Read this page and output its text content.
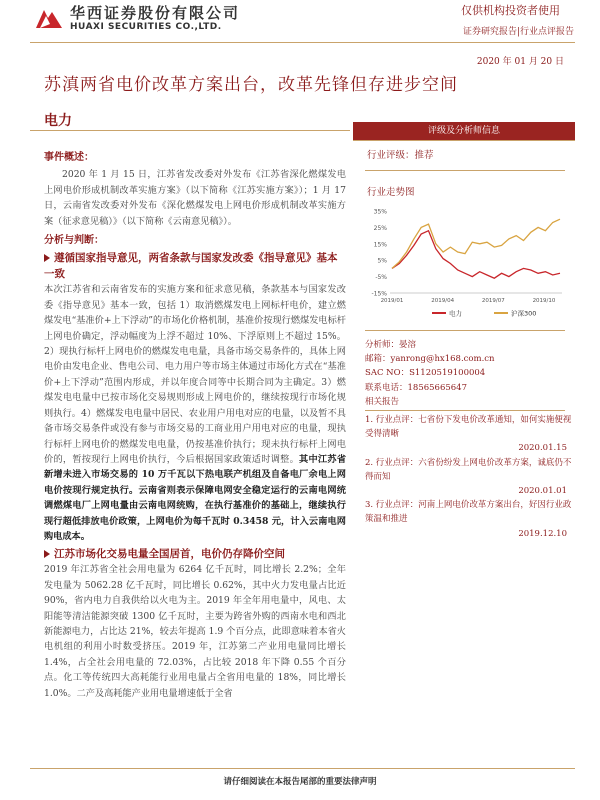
华西证券股份有限公司
HUAXI SECURITIES CO.,LTD.
仅供机构投资者使用
证券研究报告|行业点评报告
2020 年 01 月 20 日
苏滇两省电价改革方案出台，改革先锋但存进步空间
电力
事件概述：

2020 年 1 月 15 日，江苏省发改委对外发布《江苏省深化燃煤发电上网电价形成机制改革实施方案》（以下简称《江苏实施方案》）；1 月 17 日，云南省发改委对外发布《深化燃煤发电上网电价形成机制改革实施方案（征求意见稿）》（以下简称《云南意见稿》）。

分析与判断：
遵循国家指导意见，两省条款与国家发改委《指导意见》基本一致

本次江苏省和云南省发布的实施方案和征求意见稿，条款基本与国家发改委《指导意见》基本一致，包括 1）取消燃煤发电上网标杆电价，建立燃煤发电“基准价+上下浮动”的市场化价格机制，基准价按现行燃煤发电标杆上网电价确定，浮动幅度为上浮不超过 10%、下浮原则上不超过 15%。2）现执行标杆上网电价的燃煤发电电量，具备市场交易条件的，具体上网电价由发电企业、售电公司、电力用户等市场主体通过市场化方式在“基准价+上下浮动”范围内形成，并以年度合同等中长期合同为主确定。3）燃煤发电电量中已按市场化交易规则形成上网电价的，继续按现行市场化规则执行。4）燃煤发电电量中居民、农业用户用电对应的电量，以及暂不具备市场交易条件或没有参与市场交易的工商业用户用电对应的电量，现执行标杆上网电价的燃煤发电电量，仍按基准价执行；现未执行标杆上网电价的，暂按现行上网电价执行，今后根据国家政策适时调整。其中江苏省新增未进入市场交易的 10 万千瓦以下热电联产机组及自备电厂余电上网电价按现行规定执行。云南省则表示保障电网安全稳定运行的云南电网统调燃煤电厂上网电量由云南电网统购，在执行基准价的基础上，继续执行现行超低排放电价政策，上网电价为每千瓦时 0.3458 元，计入云南电网购电成本。

江苏市场化交易电量全国居首，电价仍存降价空间

2019 年江苏省全社会用电量为 6264 亿千瓦时，同比增长 2.2%；全年发电量为 5062.28 亿千瓦时，同比增长 0.62%，其中火力发电量占比近 90%，省内电力自我供给以火电为主。2019 年全年用电量中，风电、太阳能等清洁能源突破 1300 亿千瓦时，主要为跨省外购的西南水电和西北新能源电力，占比达 21%，较去年提高 1.9 个百分点，此即意味着本省火电机组的利用小时数受挤压。2019 年，江苏第二产业用电量同比增长 1.4%，占全社会用电量的 72.03%，占比较 2018 年下降 0.55 个百分点。化工等传统四大高耗能行业用电量占全省用电量的 18%，同比增长 1.0%。二产及高耗能产业用电量增速低于全省

评级及分析师信息
行业评级：推荐
行业走势图
35%
25%
15%
5%
-5%
-15%
2019/01	2019/04	2019/07	2019/10
电力	沪深300
分析师：晏溶
邮箱：yanrong@hx168.com.cn
SAC NO：S1120519100004
联系电话：18565665647
相关报告
1. 行业点评：七省份下发电价改革通知，如何实施便视受得清晰
2020.01.15
2. 行业点评：六省份纷发上网电价改革方案，诚底仍不得而知
2020.01.01
3. 行业点评：河南上网电价改革方案出台，好因行业政策温和推进
2019.12.10
请仔细阅读在本报告尾部的重要法律声明
